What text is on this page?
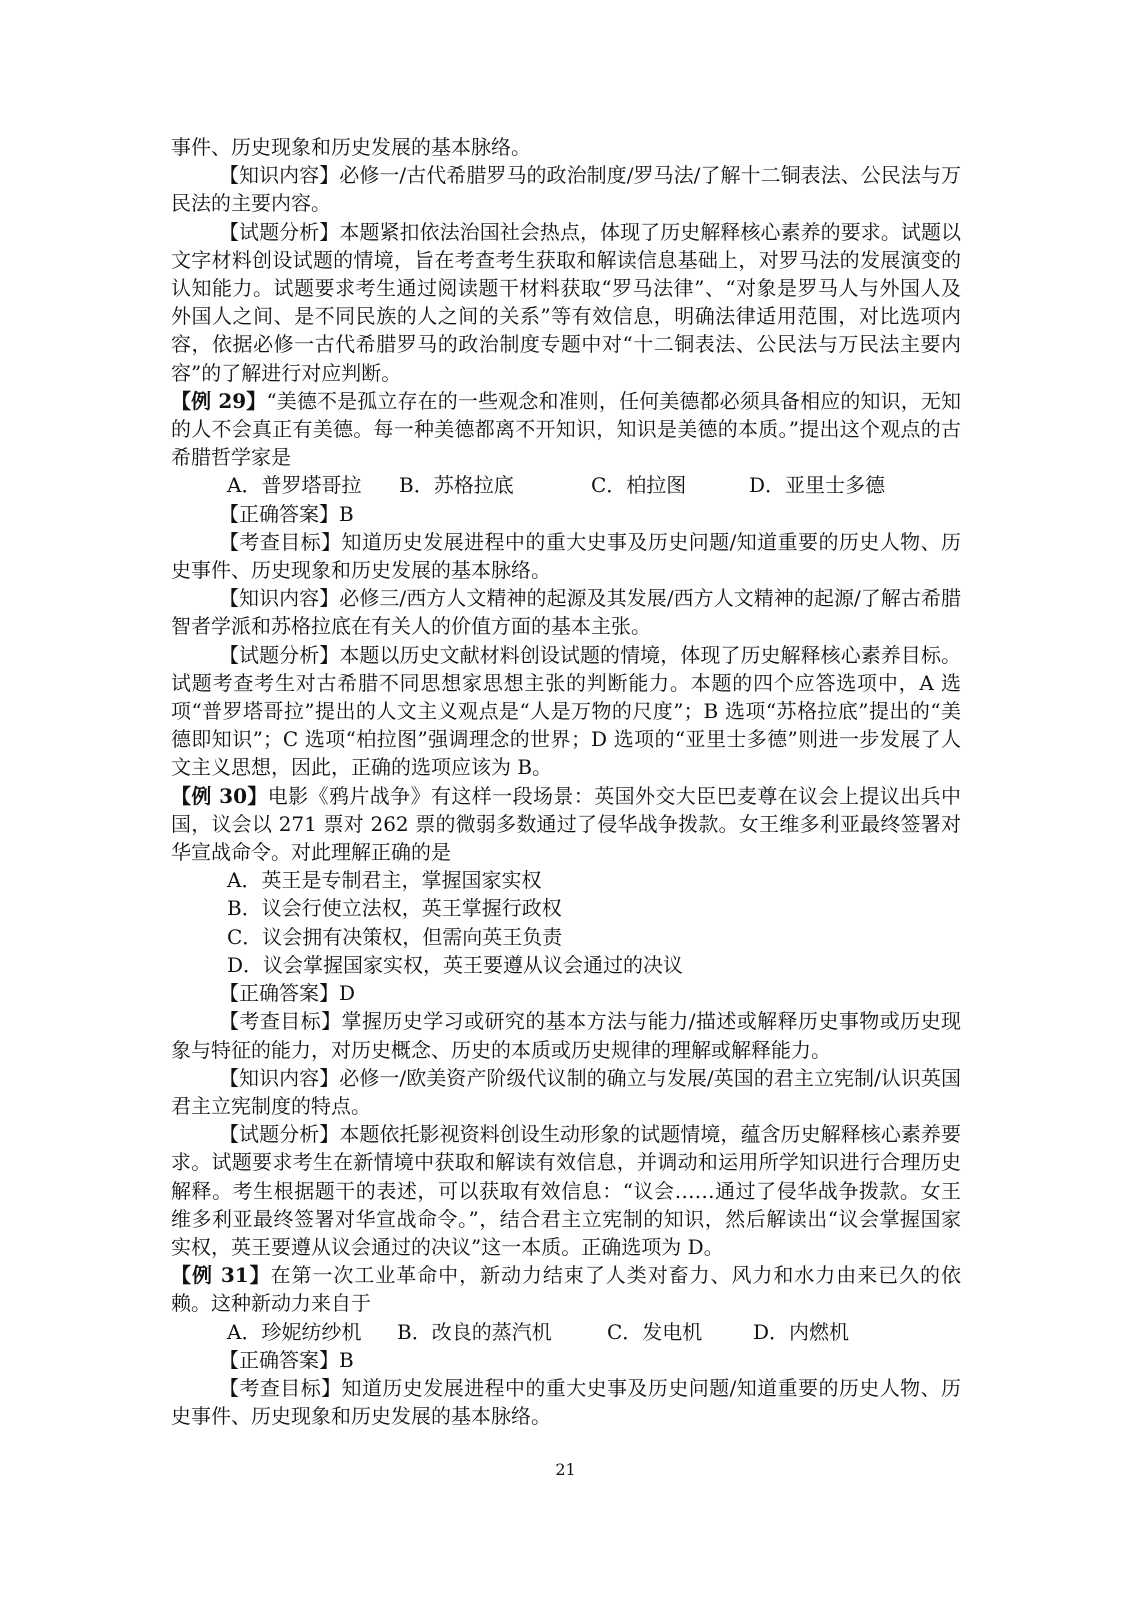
事件、历史现象和历史发展的基本脉络。

【知识内容】必修一/古代希腊罗马的政治制度/罗马法/了解十二铜表法、公民法与万民法的主要内容。

【试题分析】本题紧扣依法治国社会热点，体现了历史解释核心素养的要求。试题以文字材料创设试题的情境，旨在考查考生获取和解读信息基础上，对罗马法的发展演变的认知能力。试题要求考生通过阅读题干材料获取“罗马法律”、“对象是罗马人与外国人及外国人之间、是不同民族的人之间的关系”等有效信息，明确法律适用范围，对比选项内容，依据必修一古代希腊罗马的政治制度专题中对“十二铜表法、公民法与万民法主要内容”的了解进行对应判断。

【例 29】“美德不是孤立存在的一些观念和准则，任何美德都必须具备相应的知识，无知的人不会真正有美德。每一种美德都离不开知识，知识是美德的本质。”提出这个观点的古希腊哲学家是

A．普罗塔哥拉	B．苏格拉底	C．柏拉图	D．亚里士多德

【正确答案】B

【考查目标】知道历史发展进程中的重大史事及历史问题/知道重要的历史人物、历史事件、历史现象和历史发展的基本脉络。

【知识内容】必修三/西方人文精神的起源及其发展/西方人文精神的起源/了解古希腊智者学派和苏格拉底在有关人的价值方面的基本主张。

【试题分析】本题以历史文献材料创设试题的情境，体现了历史解释核心素养目标。试题考查考生对古希腊不同思想家思想主张的判断能力。本题的四个应答选项中，A 选项“普罗塔哥拉”提出的人文主义观点是“人是万物的尺度”；B 选项“苏格拉底”提出的“美德即知识”；C 选项“柏拉图”强调理念的世界；D 选项的“亚里士多德”则进一步发展了人文主义思想，因此，正确的选项应该为 B。

【例 30】电影《鸦片战争》有这样一段场景：英国外交大臣巴麦尊在议会上提议出兵中国，议会以 271 票对 262 票的微弱多数通过了侵华战争拨款。女王维多利亚最终签署对华宣战命令。对此理解正确的是

A．英王是专制君主，掌握国家实权

B．议会行使立法权，英王掌握行政权

C．议会拥有决策权，但需向英王负责

D．议会掌握国家实权，英王要遵从议会通过的决议

【正确答案】D

【考查目标】掌握历史学习或研究的基本方法与能力/描述或解释历史事物或历史现象与特征的能力，对历史概念、历史的本质或历史规律的理解或解释能力。

【知识内容】必修一/欧美资产阶级代议制的确立与发展/英国的君主立宪制/认识英国君主立宪制度的特点。

【试题分析】本题依托影视资料创设生动形象的试题情境，蕴含历史解释核心素养要求。试题要求考生在新情境中获取和解读有效信息，并调动和运用所学知识进行合理历史解释。考生根据题干的表述，可以获取有效信息：“议会……通过了侵华战争拨款。女王维多利亚最终签署对华宣战命令。”，结合君主立宪制的知识，然后解读出“议会掌握国家实权，英王要遵从议会通过的决议”这一本质。正确选项为 D。

【例 31】在第一次工业革命中，新动力结束了人类对畜力、风力和水力由来已久的依赖。这种新动力来自于

A．珍妮纺纱机	B．改良的蒸汽机	C．发电机	D．内燃机

【正确答案】B

【考查目标】知道历史发展进程中的重大史事及历史问题/知道重要的历史人物、历史事件、历史现象和历史发展的基本脉络。

21
